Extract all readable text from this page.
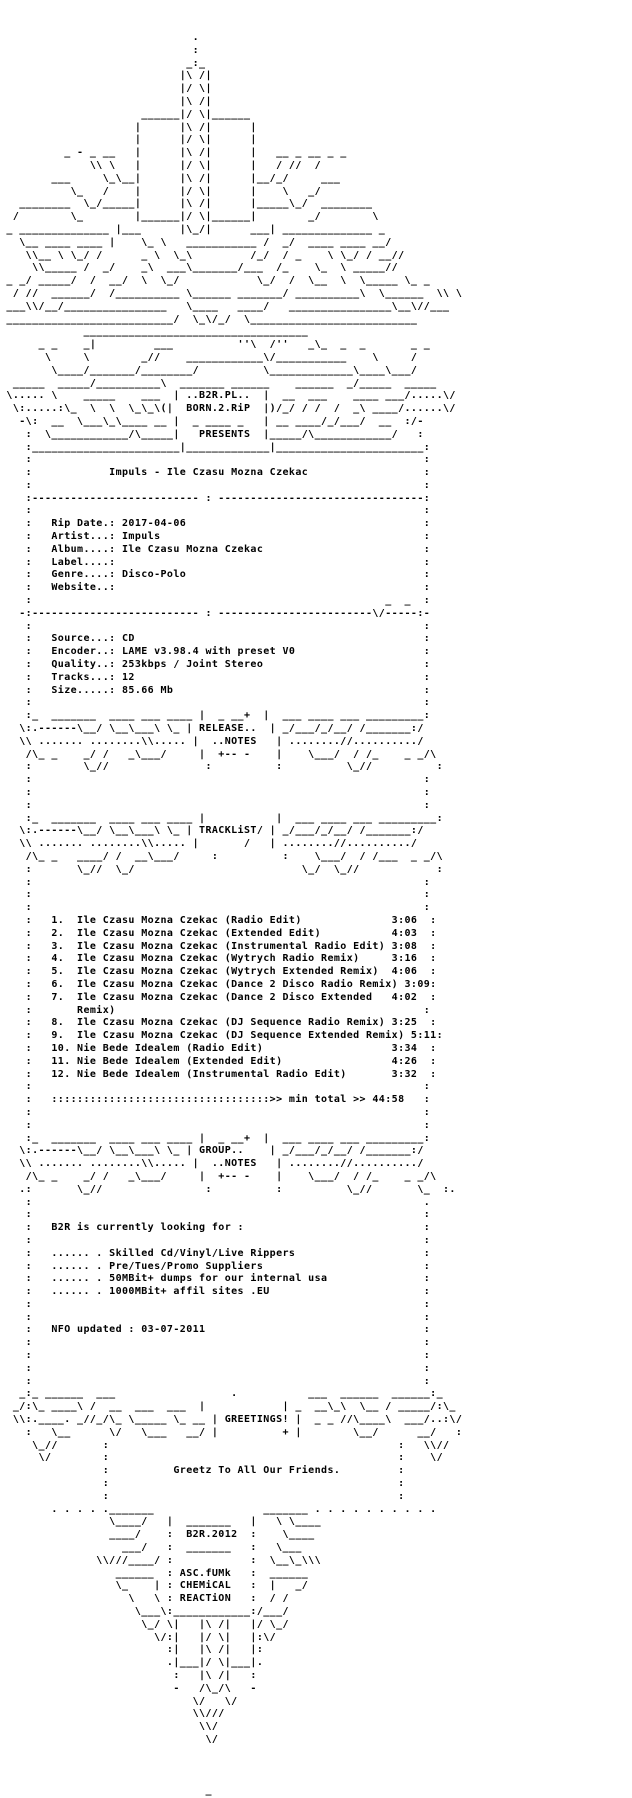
.
:
_:_
|\ /|
|/ \|
|\ /|
______|/ \|______
|      |\ /|      |
|      |/ \|      |
_ - _ __   |      |\ /|      |   __ _ __ _ _
\\ \   |      |/ \|      |   / //  /
___     \_\__|      |\ /|      |__/_/     ___
\_   /    |      |/ \|      |    \   _/
________  \_/_____|      |\ /|      |_____\_/  ________
/        \_        |______|/ \|______|        _/        \
_ ______________ |___      |\_/|      ___| ______________ _
\__ ____ ____ |    \_ \   ___________ /  _/  ____ ____ __/
\\__ \ \_/ /      _ \  \_\         /_/  / _    \ \_/ / __//
\\_____ /  _/    _\  ___\_______/___  /_    \_  \ _____//
_ _/ _____/  /  __/  \  \_/            \_/  /  \__  \  \_____ \_ _
/ //  ______/  /__________ \______ _______/ __________\  \______  \\ \
___\\/__/________________   \____   ____/   ________________\__\//___
__________________________/  \_\/_/  \__________________________
___________________________________
_ _    _|         ___          ''\  /''   _\_  _  _       _ _
\     \        _//    ____________\/___________    \     /
\____/_______/________/          \_____________\____\___/
_____  _____/__________\  _______ ______    ______  _/_____  _____
\..... \    _____    ___  | ..B2R.PL..  |  __  ___    ____ ___/.....\/
\:.....:\_  \  \  \_\_\(|  BORN.2.RiP  |)/_/ / /  /  _\ ____/......\/
-\:  __  \___\_\____ __ |  _ ____ _   | __ ____/_/___/  __  :/-
:  \____________/\_____|   PRESENTS  |_____/\____________/   :
:_______________________|_____________|_______________________:
:                                                             :
:            Impuls - Ile Czasu Mozna Czekac                  :
:                                                             :
:-------------------------- : --------------------------------:
:                                                             :
:   Rip Date.: 2017-04-06                                     :
:   Artist...: Impuls                                         :
:   Album....: Ile Czasu Mozna Czekac                         :
:   Label....:                                                :
:   Genre....: Disco-Polo                                     :
:   Website..:                                                :
:                                                       _  _  :
-:-------------------------- : ------------------------\/-----:-
:                                                             :
:   Source...: CD                                             :
:   Encoder..: LAME v3.98.4 with preset V0                    :
:   Quality..: 253kbps / Joint Stereo                         :
:   Tracks...: 12                                             :
:   Size.....: 85.66 Mb                                       :
:                                                             :
:_  _______  ____ ___ ____ |  _ __+  |  ___ ____ ___ _________:
\:.------\__/ \__\___\ \_ | RELEASE..  | _/___/_/__/ /_______:/
\\ ....... ........\\..... |  ..NOTES   | ........//........../
/\_ _    _/ /   _\___/     |  +-- -    |    \___/  / /_    _ _/\
:        \_//               :          :          \_//          :
:                                                             :
:                                                             :
:                                                             :
:_  _______  ____ ___ ____ |           |  ___ ____ ___ _________:
\:.------\__/ \__\___\ \_ | TRACKLiST/ | _/___/_/__/ /_______:/
\\ ....... ........\\..... |       /   | ........//........../
/\_ _   ____/ /  __\___/     :          :    \___/  / /___  _ _/\
:       \_//  \_/                          \_/  \_//            :
:                                                             :
:                                                             :
:                                                             :
:   1.  Ile Czasu Mozna Czekac (Radio Edit)              3:06  :
:   2.  Ile Czasu Mozna Czekac (Extended Edit)           4:03  :
:   3.  Ile Czasu Mozna Czekac (Instrumental Radio Edit) 3:08  :
:   4.  Ile Czasu Mozna Czekac (Wytrych Radio Remix)     3:16  :
:   5.  Ile Czasu Mozna Czekac (Wytrych Extended Remix)  4:06  :
:   6.  Ile Czasu Mozna Czekac (Dance 2 Disco Radio Remix) 3:09:
:   7.  Ile Czasu Mozna Czekac (Dance 2 Disco Extended   4:02  :
:       Remix)                                                :
:   8.  Ile Czasu Mozna Czekac (DJ Sequence Radio Remix) 3:25  :
:   9.  Ile Czasu Mozna Czekac (DJ Sequence Extended Remix) 5:11:
:   10. Nie Bede Idealem (Radio Edit)                    3:34  :
:   11. Nie Bede Idealem (Extended Edit)                 4:26  :
:   12. Nie Bede Idealem (Instrumental Radio Edit)       3:32  :
:                                                             :
:   ::::::::::::::::::::::::::::::::::>> min total >> 44:58   :
:                                                             :
:                                                             :
:_  _______  ____ ___ ____ |  _ __+  |  ___ ____ ___ _________:
\:.------\__/ \__\___\ \_ | GROUP..    | _/___/_/__/ /_______:/
\\ ....... ........\\..... |  ..NOTES   | ........//........../
/\_ _    _/ /   _\___/     |  +-- -    |    \___/  / /_    _ _/\
.:       \_//                :          :          \_//       \_  :.
:                                                             .
:                                                             :
:   B2R is currently looking for :                            :
:                                                             :
:   ...... . Skilled Cd/Vinyl/Live Rippers                    :
:   ...... . Pre/Tues/Promo Suppliers                         :
:   ...... . 50MBit+ dumps for our internal usa               :
:   ...... . 1000MBit+ affil sites .EU                        :
:                                                             :
:                                                             :
:   NFO updated : 03-07-2011                                  :
:                                                             :
:                                                             :
:                                                             :
:                                                             :
_:_ ______  ___                  .           ___  ______  ______:_
_/:\_ ____\ /  __  ___  ___  |            | _  __\_\  \__ / _____/:\_
\\:.____. _//_/\_ \_____ \_ __ | GREETINGS! |  _ _ //\____\  ___/..:\/
:   \__      \/   \___   __/ |          + |        \__/      __/   :
\_//       :                                             :   \\//
\/        :                                             :    \/
:          Greetz To All Our Friends.         :
:                                             :
:                                             :
. . . . ._______                 _______ . . . . . . . . . .
\____/   |  _______   |   \ \____
____/    :  B2R.2012  :    \____
___/   :  _______   :   \___
\\///____/ :            :  \__\_\\\
______  : ASC.fUMk   :  ______
\_    | : CHEMiCAL   :  |   _/
\   \ : REACTiON   :  / /
\___\:____________:/___/
\_/ \|   |\ /|   |/ \_/
\/:|   |/ \|   |:\/
:|   |\ /|   |:
.|___|/ \|___|.
:   |\ /|   :
-   /\_/\   -
\/   \/
\\///
\\/
\/
_
